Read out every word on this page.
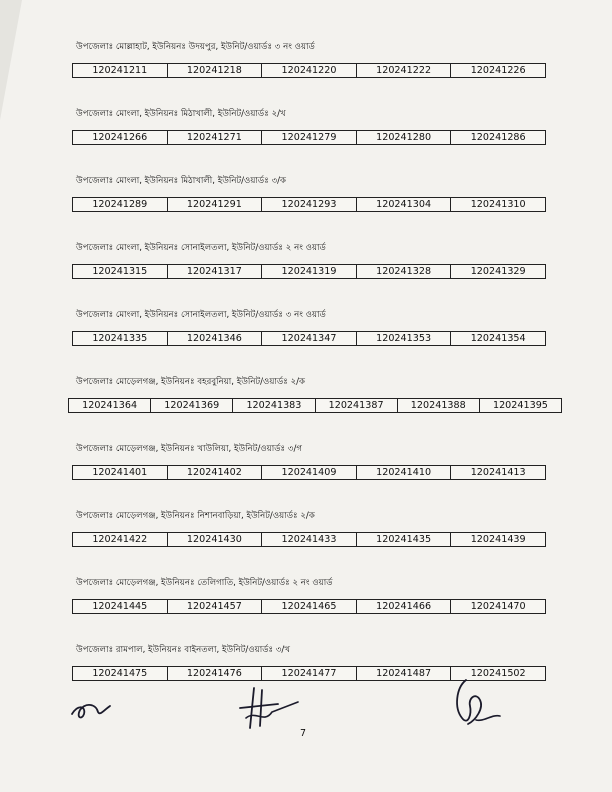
উপজেলাঃ মোল্লাহাট, ইউনিয়নঃ উদয়পুর, ইউনিট/ওয়ার্ডঃ ৩ নং ওয়ার্ড
120241211	120241218	120241220	120241222	120241226
উপজেলাঃ মোংলা, ইউনিয়নঃ মিঠাখালী, ইউনিট/ওয়ার্ডঃ ২/খ
120241266	120241271	120241279	120241280	120241286
উপজেলাঃ মোংলা, ইউনিয়নঃ মিঠাখালী, ইউনিট/ওয়ার্ডঃ ৩/ক
120241289	120241291	120241293	120241304	120241310
উপজেলাঃ মোংলা, ইউনিয়নঃ সোনাইলতলা, ইউনিট/ওয়ার্ডঃ ২ নং ওয়ার্ড
120241315	120241317	120241319	120241328	120241329
উপজেলাঃ মোংলা, ইউনিয়নঃ সোনাইলতলা, ইউনিট/ওয়ার্ডঃ ৩ নং ওয়ার্ড
120241335	120241346	120241347	120241353	120241354
উপজেলাঃ মোড়েলগঞ্জ, ইউনিয়নঃ বহরবুনিয়া, ইউনিট/ওয়ার্ডঃ ২/ক
120241364	120241369	120241383	120241387	120241388	120241395
উপজেলাঃ মোড়েলগঞ্জ, ইউনিয়নঃ খাউলিয়া, ইউনিট/ওয়ার্ডঃ ৩/গ
120241401	120241402	120241409	120241410	120241413
উপজেলাঃ মোড়েলগঞ্জ, ইউনিয়নঃ নিশানবাড়িয়া, ইউনিট/ওয়ার্ডঃ ২/ক
120241422	120241430	120241433	120241435	120241439
উপজেলাঃ মোড়েলগঞ্জ, ইউনিয়নঃ তেলিগাতি, ইউনিট/ওয়ার্ডঃ ২ নং ওয়ার্ড
120241445	120241457	120241465	120241466	120241470
উপজেলাঃ রামপাল, ইউনিয়নঃ বাইনতলা, ইউনিট/ওয়ার্ডঃ ৩/খ
120241475	120241476	120241477	120241487	120241502
7
